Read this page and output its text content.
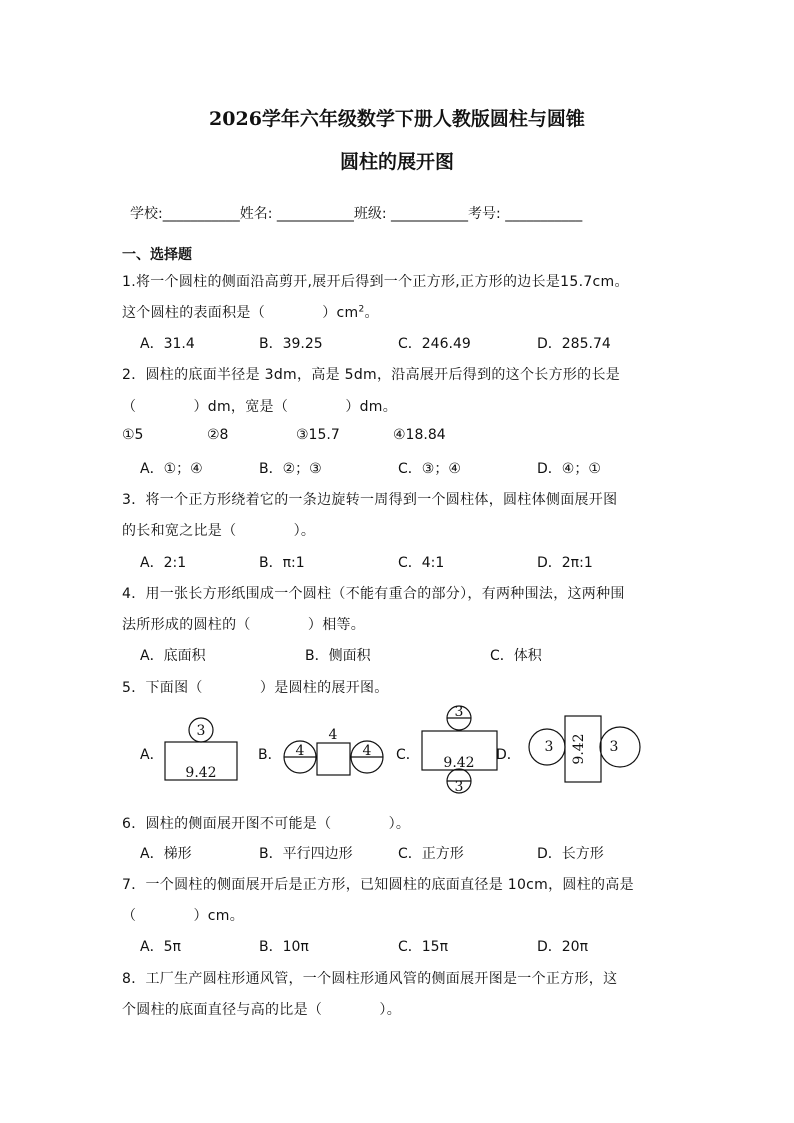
2026学年六年级数学下册人教版圆柱与圆锥
圆柱的展开图
学校:___________姓名: ___________班级: ___________考号: ___________
一、选择题
1.将一个圆柱的侧面沿高剪开,展开后得到一个正方形,正方形的边长是15.7cm。
这个圆柱的表面积是（　　　　）$cm^2$。
A．31.4	B．39.25	C．246.49	D．285.74
2．圆柱的底面半径是 3dm，高是 5dm，沿高展开后得到的这个长方形的长是
（　　　　）dm，宽是（　　　　）dm。
①5	②8	③15.7	④18.84
A．①；④	B．②；③	C．③；④	D．④；①
3．将一个正方形绕着它的一条边旋转一周得到一个圆柱体，圆柱体侧面展开图
的长和宽之比是（　　　　）。
A．2:1	B．π:1	C．4:1	D．2π:1
4．用一张长方形纸围成一个圆柱（不能有重合的部分），有两种围法，这两种围
法所形成的圆柱的（　　　　）相等。
A．底面积	B．侧面积	C．体积
5．下面图（　　　　）是圆柱的展开图。
A．	B．	C．	D．
3
9.42
4
4
4
3
9.42
3
3 9.42 3
6．圆柱的侧面展开图不可能是（　　　　）。
A．梯形	B．平行四边形	C．正方形	D．长方形
7．一个圆柱的侧面展开后是正方形，已知圆柱的底面直径是 10cm，圆柱的高是
（　　　　）cm。
A．5π	B．10π	C．15π	D．20π
8．工厂生产圆柱形通风管，一个圆柱形通风管的侧面展开图是一个正方形，这
个圆柱的底面直径与高的比是（　　　　）。
